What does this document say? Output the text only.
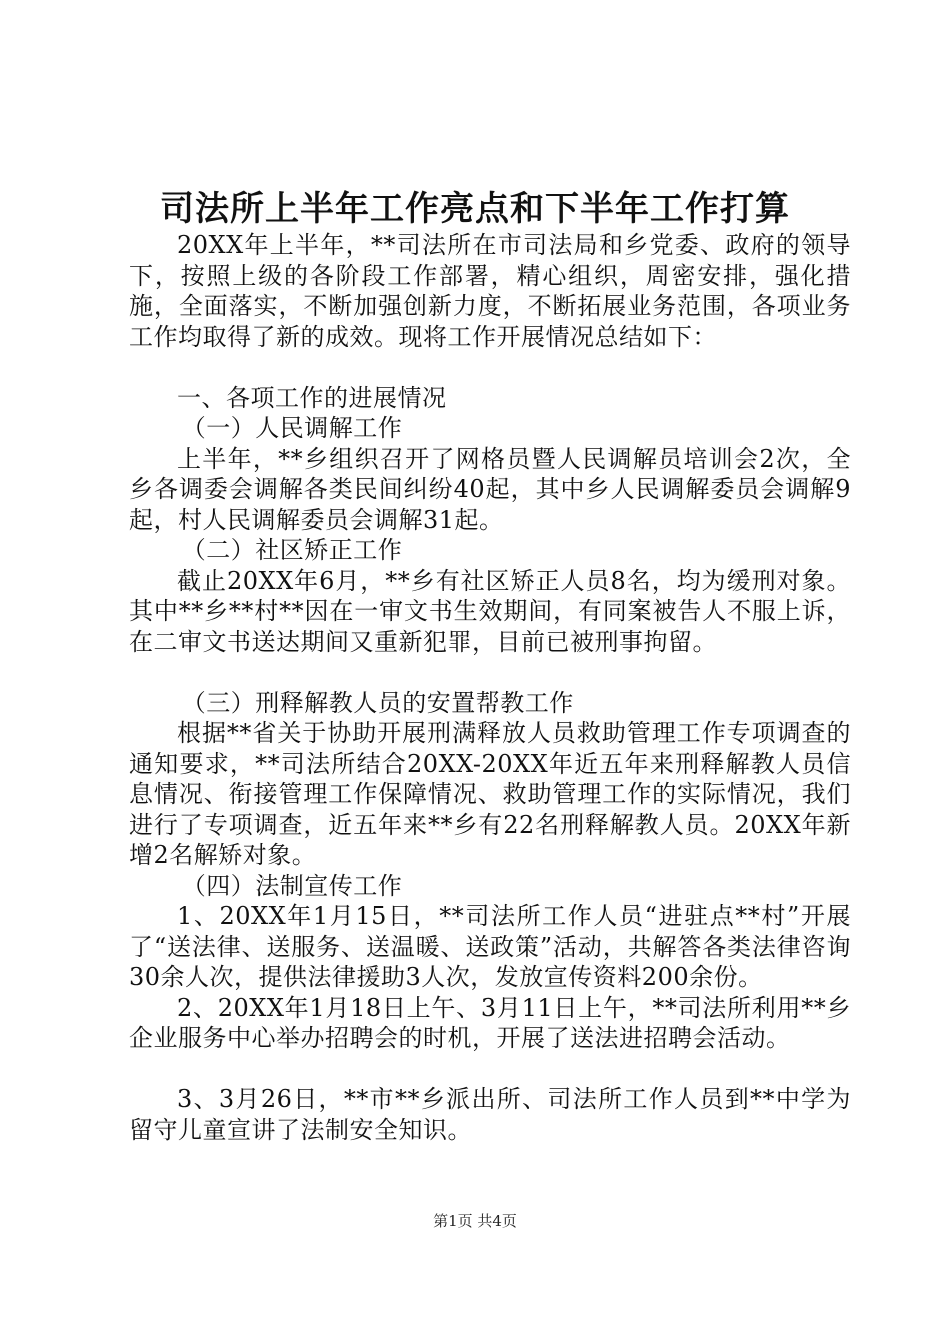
司法所上半年工作亮点和下半年工作打算

20XX年上半年，**司法所在市司法局和乡党委、政府的领导下，按照上级的各阶段工作部署，精心组织，周密安排，强化措施，全面落实，不断加强创新力度，不断拓展业务范围，各项业务工作均取得了新的成效。现将工作开展情况总结如下：

一、各项工作的进展情况

（一）人民调解工作

上半年，**乡组织召开了网格员暨人民调解员培训会2次，全乡各调委会调解各类民间纠纷40起，其中乡人民调解委员会调解9起，村人民调解委员会调解31起。

（二）社区矫正工作

截止20XX年6月，**乡有社区矫正人员8名，均为缓刑对象。其中**乡**村**因在一审文书生效期间，有同案被告人不服上诉，在二审文书送达期间又重新犯罪，目前已被刑事拘留。

（三）刑释解教人员的安置帮教工作

根据**省关于协助开展刑满释放人员救助管理工作专项调查的通知要求，**司法所结合20XX-20XX年近五年来刑释解教人员信息情况、衔接管理工作保障情况、救助管理工作的实际情况，我们进行了专项调查，近五年来**乡有22名刑释解教人员。20XX年新增2名解矫对象。

（四）法制宣传工作

1、20XX年1月15日，**司法所工作人员“进驻点**村”开展了“送法律、送服务、送温暖、送政策”活动，共解答各类法律咨询30余人次，提供法律援助3人次，发放宣传资料200余份。

2、20XX年1月18日上午、3月11日上午，**司法所利用**乡企业服务中心举办招聘会的时机，开展了送法进招聘会活动。

3、3月26日，**市**乡派出所、司法所工作人员到**中学为留守儿童宣讲了法制安全知识。

第1页 共4页
